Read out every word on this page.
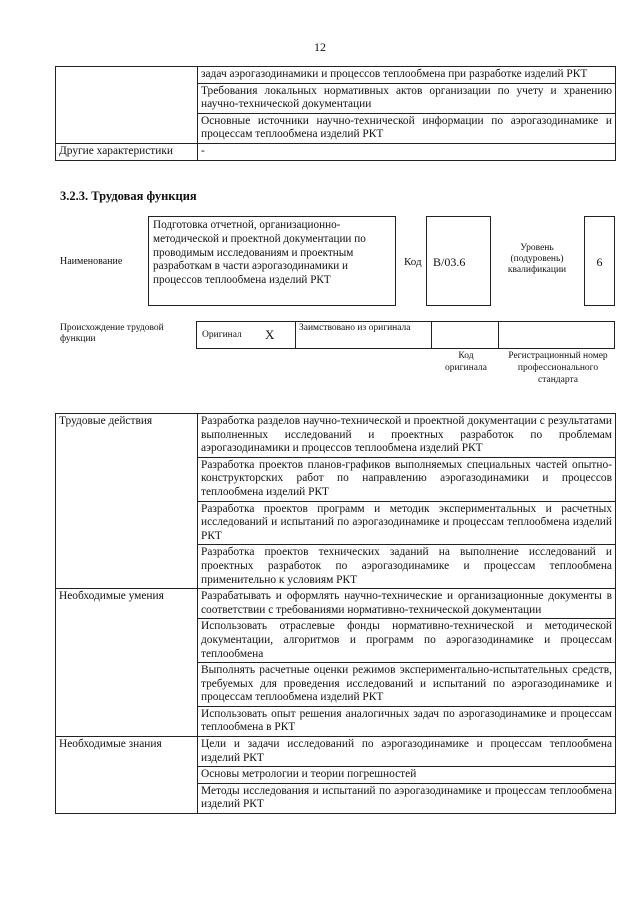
12
	задач аэрогазодинамики и процессов теплообмена при разработке изделий РКТ
	Требования локальных нормативных актов организации по учету и хранению научно-технической документации
	Основные источники научно-технической информации по аэрогазодинамике и процессам теплообмена изделий РКТ
Другие характеристики	-
3.2.3. Трудовая функция
Наименование
Подготовка отчетной, организационно-методической и проектной документации по проводимым исследованиям и проектным разработкам в части аэрогазодинамики и процессов теплообмена изделий РКТ
Код B/03.6
Уровень (подуровень) квалификации
6
Происхождение трудовой функции	Оригинал X	Заимствовано из оригинала
Код оригинала
Регистрационный номер профессионального стандарта
Трудовые действия	Разработка разделов научно-технической и проектной документации с результатами выполненных исследований и проектных разработок по проблемам аэрогазодинамики и процессов теплообмена изделий РКТ
	Разработка проектов планов-графиков выполняемых специальных частей опытно-конструкторских работ по направлению аэрогазодинамики и процессов теплообмена изделий РКТ
	Разработка проектов программ и методик экспериментальных и расчетных исследований и испытаний по аэрогазодинамике и процессам теплообмена изделий РКТ
	Разработка проектов технических заданий на выполнение исследований и проектных разработок по аэрогазодинамике и процессам теплообмена применительно к условиям РКТ
Необходимые умения	Разрабатывать и оформлять научно-технические и организационные документы в соответствии с требованиями нормативно-технической документации
	Использовать отраслевые фонды нормативно-технической и методической документации, алгоритмов и программ по аэрогазодинамике и процессам теплообмена
	Выполнять расчетные оценки режимов экспериментально-испытательных средств, требуемых для проведения исследований и испытаний по аэрогазодинамике и процессам теплообмена изделий РКТ
	Использовать опыт решения аналогичных задач по аэрогазодинамике и процессам теплообмена в РКТ
Необходимые знания	Цели и задачи исследований по аэрогазодинамике и процессам теплообмена изделий РКТ
	Основы метрологии и теории погрешностей
	Методы исследования и испытаний по аэрогазодинамике и процессам теплообмена изделий РКТ
